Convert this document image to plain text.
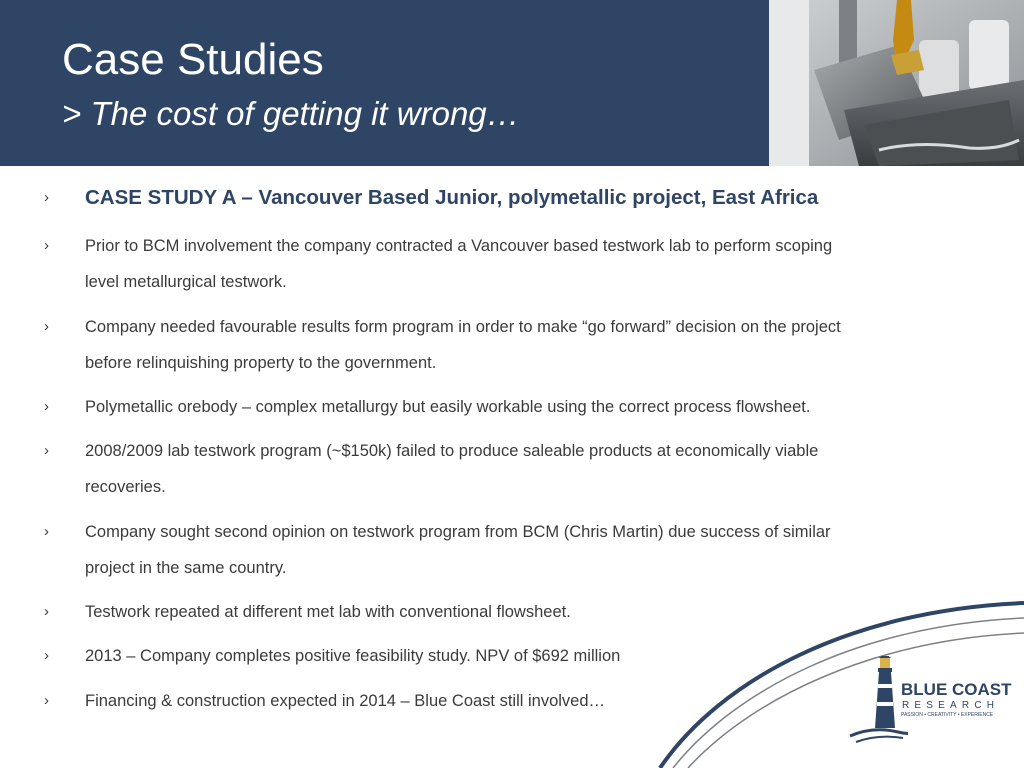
Case Studies
> The cost of getting it wrong…
›	CASE STUDY A – Vancouver Based Junior, polymetallic project, East Africa
›	Prior to BCM involvement the company contracted a Vancouver based testwork lab to perform scoping
level metallurgical testwork.
›	Company needed favourable results form program in order to make “go forward” decision on the project
before relinquishing property to the government.
›	Polymetallic orebody – complex metallurgy but easily workable using the correct process flowsheet.
›	2008/2009 lab testwork program (~$150k) failed to produce saleable products at economically viable
recoveries.
›	Company sought second opinion on testwork program from BCM (Chris Martin) due success of similar
project in the same country.
›	Testwork repeated at different met lab with conventional flowsheet.
›	2013 – Company completes positive feasibility study. NPV of $692 million
›	Financing & construction expected in 2014 – Blue Coast still involved…
BLUE COAST
RESEARCH
PASSION • CREATIVITY • EXPERIENCE
